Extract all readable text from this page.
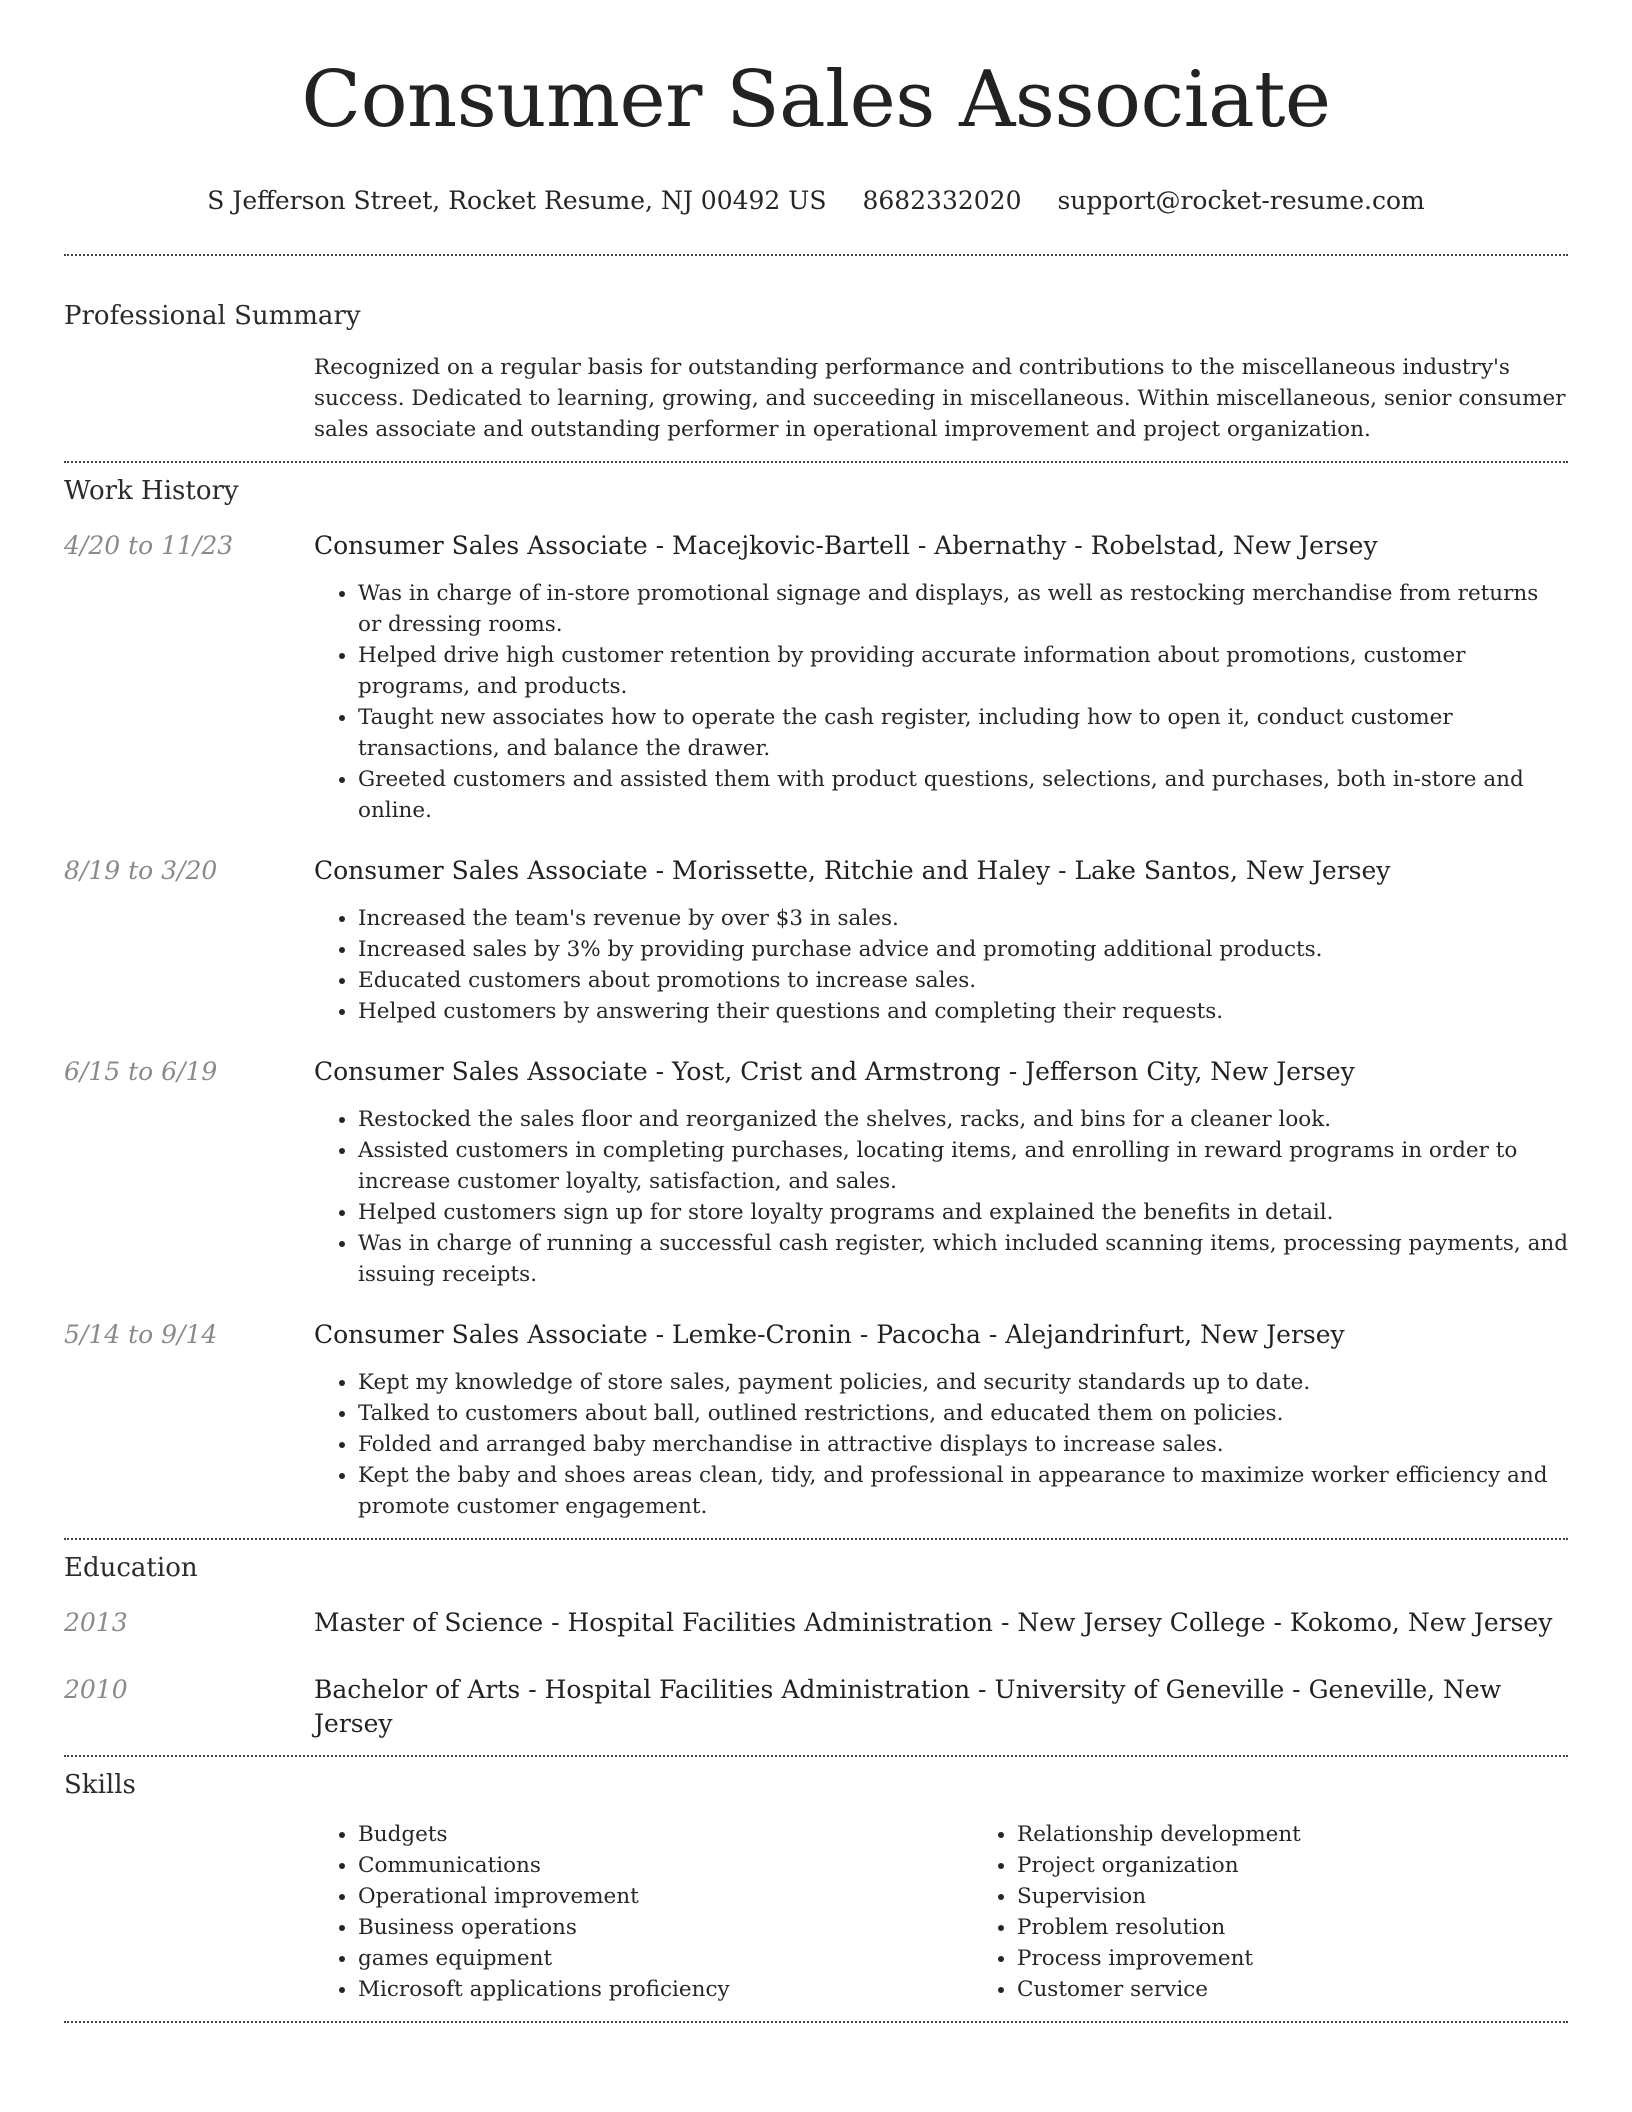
Consumer Sales Associate
S Jefferson Street, Rocket Resume, NJ 00492 US 8682332020 support@rocket-resume.com
Professional Summary
Recognized on a regular basis for outstanding performance and contributions to the miscellaneous industry's success. Dedicated to learning, growing, and succeeding in miscellaneous. Within miscellaneous, senior consumer sales associate and outstanding performer in operational improvement and project organization.
Work History
4/20 to 11/23	Consumer Sales Associate - Macejkovic-Bartell - Abernathy - Robelstad, New Jersey
• Was in charge of in-store promotional signage and displays, as well as restocking merchandise from returns or dressing rooms.
• Helped drive high customer retention by providing accurate information about promotions, customer programs, and products.
• Taught new associates how to operate the cash register, including how to open it, conduct customer transactions, and balance the drawer.
• Greeted customers and assisted them with product questions, selections, and purchases, both in-store and online.
8/19 to 3/20	Consumer Sales Associate - Morissette, Ritchie and Haley - Lake Santos, New Jersey
• Increased the team's revenue by over $3 in sales.
• Increased sales by 3% by providing purchase advice and promoting additional products.
• Educated customers about promotions to increase sales.
• Helped customers by answering their questions and completing their requests.
6/15 to 6/19	Consumer Sales Associate - Yost, Crist and Armstrong - Jefferson City, New Jersey
• Restocked the sales floor and reorganized the shelves, racks, and bins for a cleaner look.
• Assisted customers in completing purchases, locating items, and enrolling in reward programs in order to increase customer loyalty, satisfaction, and sales.
• Helped customers sign up for store loyalty programs and explained the benefits in detail.
• Was in charge of running a successful cash register, which included scanning items, processing payments, and issuing receipts.
5/14 to 9/14	Consumer Sales Associate - Lemke-Cronin - Pacocha - Alejandrinfurt, New Jersey
• Kept my knowledge of store sales, payment policies, and security standards up to date.
• Talked to customers about ball, outlined restrictions, and educated them on policies.
• Folded and arranged baby merchandise in attractive displays to increase sales.
• Kept the baby and shoes areas clean, tidy, and professional in appearance to maximize worker efficiency and promote customer engagement.
Education
2013	Master of Science - Hospital Facilities Administration - New Jersey College - Kokomo, New Jersey
2010	Bachelor of Arts - Hospital Facilities Administration - University of Geneville - Geneville, New Jersey
Skills
• Budgets
• Communications
• Operational improvement
• Business operations
• games equipment
• Microsoft applications proficiency
• Relationship development
• Project organization
• Supervision
• Problem resolution
• Process improvement
• Customer service
